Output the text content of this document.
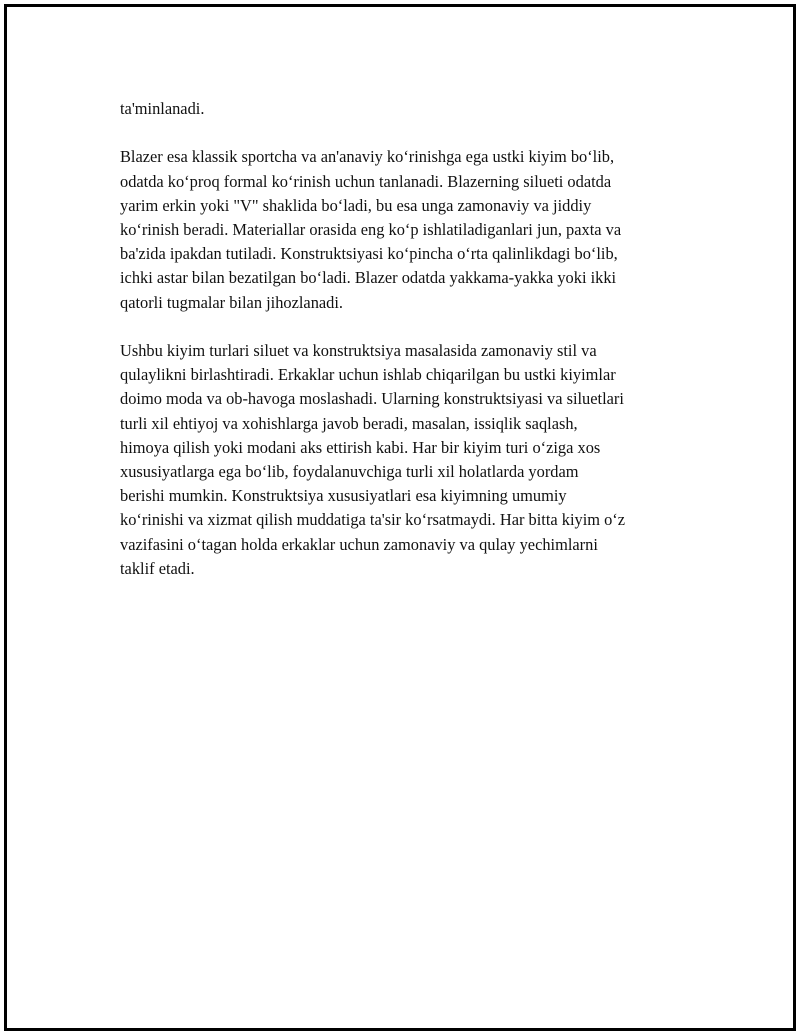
ta'minlanadi.

Blazer esa klassik sportcha va an'anaviy koʻrinishga ega ustki kiyim boʻlib,
odatda koʻproq formal koʻrinish uchun tanlanadi. Blazerning silueti odatda
yarim erkin yoki "V" shaklida boʻladi, bu esa unga zamonaviy va jiddiy
koʻrinish beradi. Materiallar orasida eng koʻp ishlatiladiganlari jun, paxta va
ba'zida ipakdan tutiladi. Konstruktsiyasi koʻpincha oʻrta qalinlikdagi boʻlib,
ichki astar bilan bezatilgan boʻladi. Blazer odatda yakkama-yakka yoki ikki
qatorli tugmalar bilan jihozlanadi.

Ushbu kiyim turlari siluet va konstruktsiya masalasida zamonaviy stil va
qulaylikni birlashtiradi. Erkaklar uchun ishlab chiqarilgan bu ustki kiyimlar
doimo moda va ob-havoga moslashadi. Ularning konstruktsiyasi va siluetlari
turli xil ehtiyoj va xohishlarga javob beradi, masalan, issiqlik saqlash,
himoya qilish yoki modani aks ettirish kabi. Har bir kiyim turi oʻziga xos
xususiyatlarga ega boʻlib, foydalanuvchiga turli xil holatlarda yordam
berishi mumkin. Konstruktsiya xususiyatlari esa kiyimning umumiy
koʻrinishi va xizmat qilish muddatiga ta'sir koʻrsatmaydi. Har bitta kiyim oʻz
vazifasini oʻtagan holda erkaklar uchun zamonaviy va qulay yechimlarni
taklif etadi.
